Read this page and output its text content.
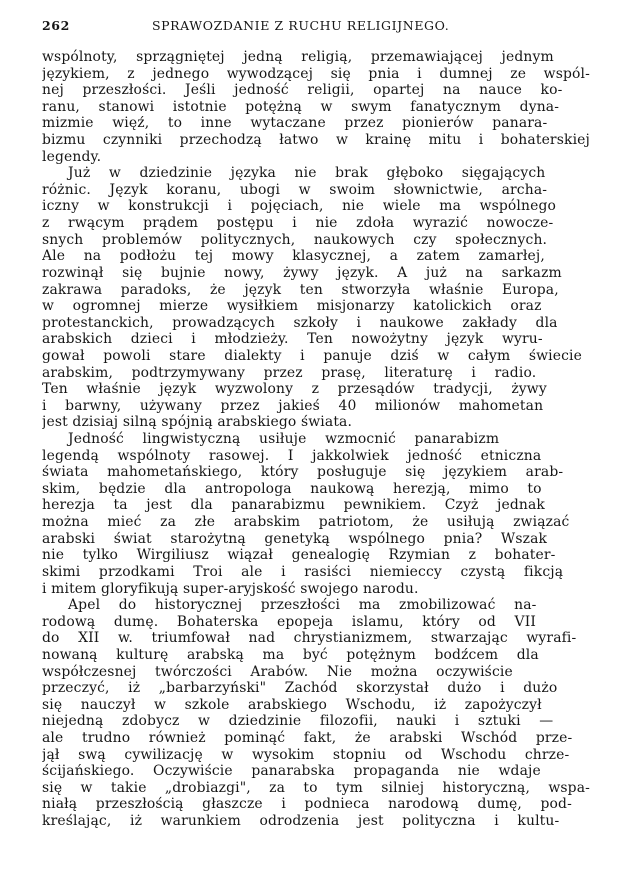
262	SPRAWOZDANIE Z RUCHU RELIGIJNEGO.
wspólnoty, sprzągniętej jedną religią, przemawiającej jednym
językiem, z jednego wywodzącej się pnia i dumnej ze wspól-
nej przeszłości. Jeśli jedność religii, opartej na nauce ko-
ranu, stanowi istotnie potężną w swym fanatycznym dyna-
mizmie więź, to inne wytaczane przez pionierów panara-
bizmu czynniki przechodzą łatwo w krainę mitu i bohaterskiej
legendy.
Już w dziedzinie języka nie brak głęboko sięgających
różnic. Język koranu, ubogi w swoim słownictwie, archa-
iczny w konstrukcji i pojęciach, nie wiele ma wspólnego
z rwącym prądem postępu i nie zdoła wyrazić nowocze-
snych problemów politycznych, naukowych czy społecznych.
Ale na podłożu tej mowy klasycznej, a zatem zamarłej,
rozwinął się bujnie nowy, żywy język. A już na sarkazm
zakrawa paradoks, że język ten stworzyła właśnie Europa,
w ogromnej mierze wysiłkiem misjonarzy katolickich oraz
protestanckich, prowadzących szkoły i naukowe zakłady dla
arabskich dzieci i młodzieży. Ten nowożytny język wyru-
gował powoli stare dialekty i panuje dziś w całym świecie
arabskim, podtrzymywany przez prasę, literaturę i radio.
Ten właśnie język wyzwolony z przesądów tradycji, żywy
i barwny, używany przez jakieś 40 milionów mahometan
jest dzisiaj silną spójnią arabskiego świata.
Jedność lingwistyczną usiłuje wzmocnić panarabizm
legendą wspólnoty rasowej. I jakkolwiek jedność etniczna
świata mahometańskiego, który posługuje się językiem arab-
skim, będzie dla antropologa naukową herezją, mimo to
herezja ta jest dla panarabizmu pewnikiem. Czyż jednak
można mieć za złe arabskim patriotom, że usiłują związać
arabski świat starożytną genetyką wspólnego pnia? Wszak
nie tylko Wirgiliusz wiązał genealogię Rzymian z bohater-
skimi przodkami Troi ale i rasiści niemieccy czystą fikcją
i mitem gloryfikują super-aryjskość swojego narodu.
Apel do historycznej przeszłości ma zmobilizować na-
rodową dumę. Bohaterska epopeja islamu, który od VII
do XII w. triumfował nad chrystianizmem, stwarzając wyrafi-
nowaną kulturę arabską ma być potężnym bodźcem dla
współczesnej twórczości Arabów. Nie można oczywiście
przeczyć, iż „barbarzyński" Zachód skorzystał dużo i dużo
się nauczył w szkole arabskiego Wschodu, iż zapożyczył
niejedną zdobycz w dziedzinie filozofii, nauki i sztuki —
ale trudno również pominąć fakt, że arabski Wschód prze-
jął swą cywilizację w wysokim stopniu od Wschodu chrze-
ścijańskiego. Oczywiście panarabska propaganda nie wdaje
się w takie „drobiazgi", za to tym silniej historyczną, wspa-
niałą przeszłością głaszcze i podnieca narodową dumę, pod-
kreślając, iż warunkiem odrodzenia jest polityczna i kultu-
